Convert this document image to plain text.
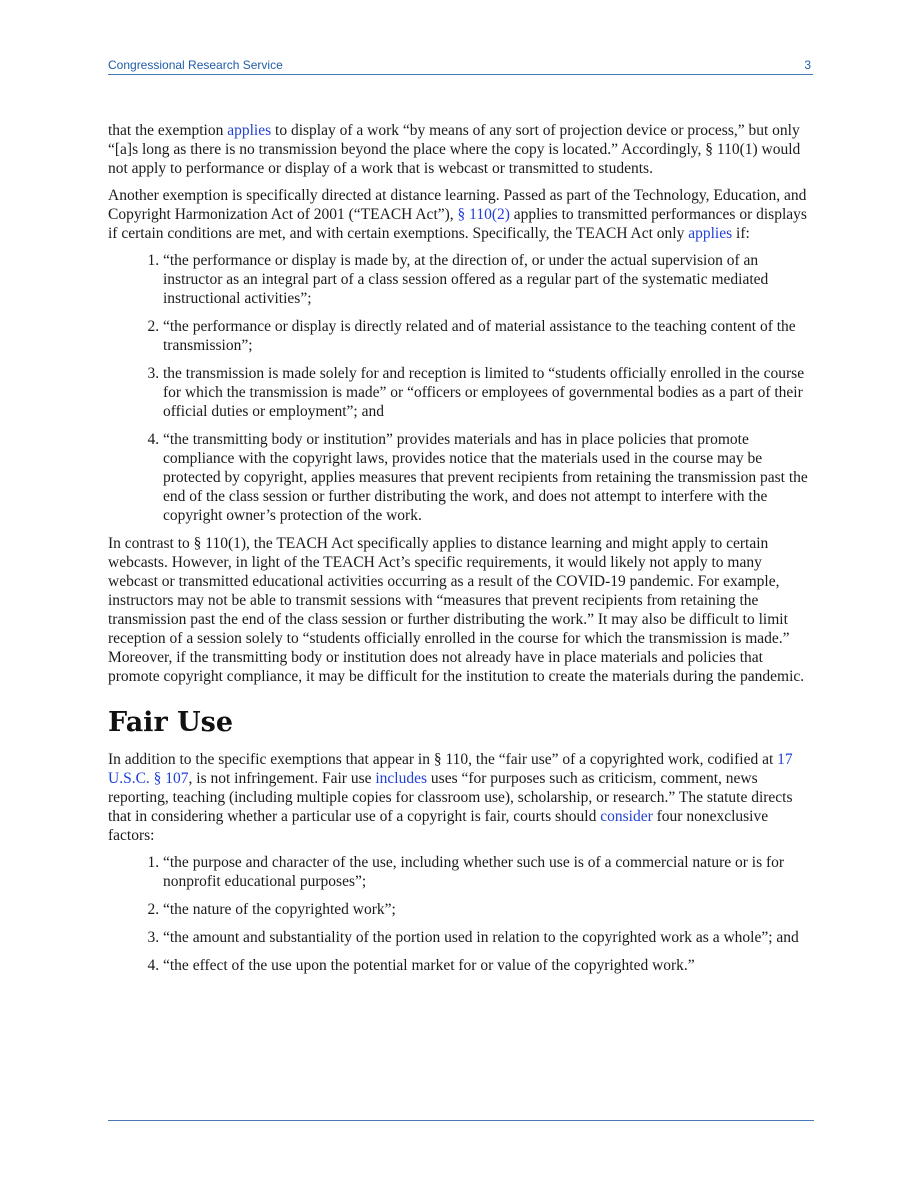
Congressional Research Service	3

that the exemption applies to display of a work “by means of any sort of projection device or process,” but only “[a]s long as there is no transmission beyond the place where the copy is located.” Accordingly, § 110(1) would not apply to performance or display of a work that is webcast or transmitted to students.

Another exemption is specifically directed at distance learning. Passed as part of the Technology, Education, and Copyright Harmonization Act of 2001 (“TEACH Act”), § 110(2) applies to transmitted performances or displays if certain conditions are met, and with certain exemptions. Specifically, the TEACH Act only applies if:

1. “the performance or display is made by, at the direction of, or under the actual supervision of an instructor as an integral part of a class session offered as a regular part of the systematic mediated instructional activities”;
2. “the performance or display is directly related and of material assistance to the teaching content of the transmission”;
3. the transmission is made solely for and reception is limited to “students officially enrolled in the course for which the transmission is made” or “officers or employees of governmental bodies as a part of their official duties or employment”; and
4. “the transmitting body or institution” provides materials and has in place policies that promote compliance with the copyright laws, provides notice that the materials used in the course may be protected by copyright, applies measures that prevent recipients from retaining the transmission past the end of the class session or further distributing the work, and does not attempt to interfere with the copyright owner’s protection of the work.

In contrast to § 110(1), the TEACH Act specifically applies to distance learning and might apply to certain webcasts. However, in light of the TEACH Act’s specific requirements, it would likely not apply to many webcast or transmitted educational activities occurring as a result of the COVID-19 pandemic. For example, instructors may not be able to transmit sessions with “measures that prevent recipients from retaining the transmission past the end of the class session or further distributing the work.” It may also be difficult to limit reception of a session solely to “students officially enrolled in the course for which the transmission is made.” Moreover, if the transmitting body or institution does not already have in place materials and policies that promote copyright compliance, it may be difficult for the institution to create the materials during the pandemic.

Fair Use

In addition to the specific exemptions that appear in § 110, the “fair use” of a copyrighted work, codified at 17 U.S.C. § 107, is not infringement. Fair use includes uses “for purposes such as criticism, comment, news reporting, teaching (including multiple copies for classroom use), scholarship, or research.” The statute directs that in considering whether a particular use of a copyright is fair, courts should consider four nonexclusive factors:

1. “the purpose and character of the use, including whether such use is of a commercial nature or is for nonprofit educational purposes”;
2. “the nature of the copyrighted work”;
3. “the amount and substantiality of the portion used in relation to the copyrighted work as a whole”; and
4. “the effect of the use upon the potential market for or value of the copyrighted work.”
